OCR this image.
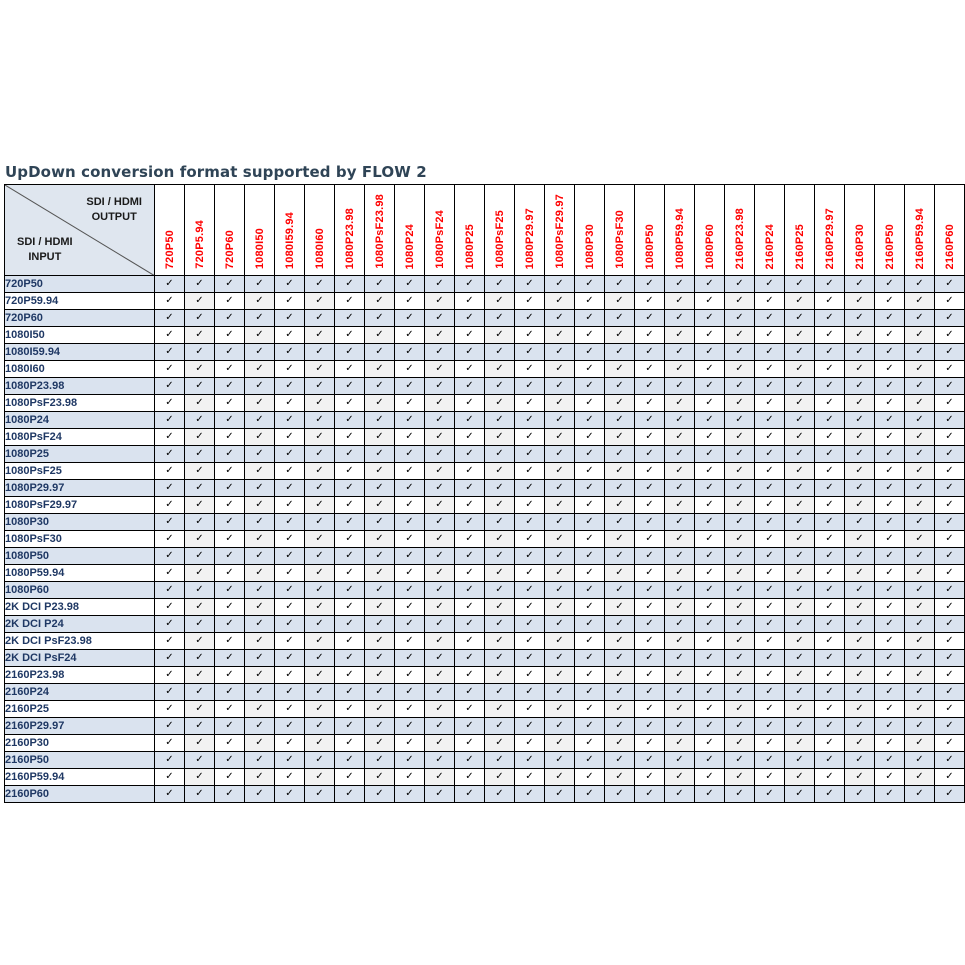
UpDown conversion format supported by FLOW 2
SDI / HDMI
OUTPUT
SDI / HDMI
INPUT	720P50	720P5.94	720P60	1080I50	1080I59.94	1080I60	1080P23.98	1080PsF23.98	1080P24	1080PsF24	1080P25	1080PsF25	1080P29.97	1080PsF29.97	1080P30	1080PsF30	1080P50	1080P59.94	1080P60	2160P23.98	2160P24	2160P25	2160P29.97	2160P30	2160P50	2160P59.94	2160P60

720P50	✓	✓	✓	✓	✓	✓	✓	✓	✓	✓	✓	✓	✓	✓	✓	✓	✓	✓	✓	✓	✓	✓	✓	✓	✓	✓	✓
720P59.94	✓	✓	✓	✓	✓	✓	✓	✓	✓	✓	✓	✓	✓	✓	✓	✓	✓	✓	✓	✓	✓	✓	✓	✓	✓	✓	✓
720P60	✓	✓	✓	✓	✓	✓	✓	✓	✓	✓	✓	✓	✓	✓	✓	✓	✓	✓	✓	✓	✓	✓	✓	✓	✓	✓	✓
1080I50	✓	✓	✓	✓	✓	✓	✓	✓	✓	✓	✓	✓	✓	✓	✓	✓	✓	✓	✓	✓	✓	✓	✓	✓	✓	✓	✓
1080I59.94	✓	✓	✓	✓	✓	✓	✓	✓	✓	✓	✓	✓	✓	✓	✓	✓	✓	✓	✓	✓	✓	✓	✓	✓	✓	✓	✓
1080I60	✓	✓	✓	✓	✓	✓	✓	✓	✓	✓	✓	✓	✓	✓	✓	✓	✓	✓	✓	✓	✓	✓	✓	✓	✓	✓	✓
1080P23.98	✓	✓	✓	✓	✓	✓	✓	✓	✓	✓	✓	✓	✓	✓	✓	✓	✓	✓	✓	✓	✓	✓	✓	✓	✓	✓	✓
1080PsF23.98	✓	✓	✓	✓	✓	✓	✓	✓	✓	✓	✓	✓	✓	✓	✓	✓	✓	✓	✓	✓	✓	✓	✓	✓	✓	✓	✓
1080P24	✓	✓	✓	✓	✓	✓	✓	✓	✓	✓	✓	✓	✓	✓	✓	✓	✓	✓	✓	✓	✓	✓	✓	✓	✓	✓	✓
1080PsF24	✓	✓	✓	✓	✓	✓	✓	✓	✓	✓	✓	✓	✓	✓	✓	✓	✓	✓	✓	✓	✓	✓	✓	✓	✓	✓	✓
1080P25	✓	✓	✓	✓	✓	✓	✓	✓	✓	✓	✓	✓	✓	✓	✓	✓	✓	✓	✓	✓	✓	✓	✓	✓	✓	✓	✓
1080PsF25	✓	✓	✓	✓	✓	✓	✓	✓	✓	✓	✓	✓	✓	✓	✓	✓	✓	✓	✓	✓	✓	✓	✓	✓	✓	✓	✓
1080P29.97	✓	✓	✓	✓	✓	✓	✓	✓	✓	✓	✓	✓	✓	✓	✓	✓	✓	✓	✓	✓	✓	✓	✓	✓	✓	✓	✓
1080PsF29.97	✓	✓	✓	✓	✓	✓	✓	✓	✓	✓	✓	✓	✓	✓	✓	✓	✓	✓	✓	✓	✓	✓	✓	✓	✓	✓	✓
1080P30	✓	✓	✓	✓	✓	✓	✓	✓	✓	✓	✓	✓	✓	✓	✓	✓	✓	✓	✓	✓	✓	✓	✓	✓	✓	✓	✓
1080PsF30	✓	✓	✓	✓	✓	✓	✓	✓	✓	✓	✓	✓	✓	✓	✓	✓	✓	✓	✓	✓	✓	✓	✓	✓	✓	✓	✓
1080P50	✓	✓	✓	✓	✓	✓	✓	✓	✓	✓	✓	✓	✓	✓	✓	✓	✓	✓	✓	✓	✓	✓	✓	✓	✓	✓	✓
1080P59.94	✓	✓	✓	✓	✓	✓	✓	✓	✓	✓	✓	✓	✓	✓	✓	✓	✓	✓	✓	✓	✓	✓	✓	✓	✓	✓	✓
1080P60	✓	✓	✓	✓	✓	✓	✓	✓	✓	✓	✓	✓	✓	✓	✓	✓	✓	✓	✓	✓	✓	✓	✓	✓	✓	✓	✓
2K DCI P23.98	✓	✓	✓	✓	✓	✓	✓	✓	✓	✓	✓	✓	✓	✓	✓	✓	✓	✓	✓	✓	✓	✓	✓	✓	✓	✓	✓
2K DCI P24	✓	✓	✓	✓	✓	✓	✓	✓	✓	✓	✓	✓	✓	✓	✓	✓	✓	✓	✓	✓	✓	✓	✓	✓	✓	✓	✓
2K DCI PsF23.98	✓	✓	✓	✓	✓	✓	✓	✓	✓	✓	✓	✓	✓	✓	✓	✓	✓	✓	✓	✓	✓	✓	✓	✓	✓	✓	✓
2K DCI PsF24	✓	✓	✓	✓	✓	✓	✓	✓	✓	✓	✓	✓	✓	✓	✓	✓	✓	✓	✓	✓	✓	✓	✓	✓	✓	✓	✓
2160P23.98	✓	✓	✓	✓	✓	✓	✓	✓	✓	✓	✓	✓	✓	✓	✓	✓	✓	✓	✓	✓	✓	✓	✓	✓	✓	✓	✓
2160P24	✓	✓	✓	✓	✓	✓	✓	✓	✓	✓	✓	✓	✓	✓	✓	✓	✓	✓	✓	✓	✓	✓	✓	✓	✓	✓	✓
2160P25	✓	✓	✓	✓	✓	✓	✓	✓	✓	✓	✓	✓	✓	✓	✓	✓	✓	✓	✓	✓	✓	✓	✓	✓	✓	✓	✓
2160P29.97	✓	✓	✓	✓	✓	✓	✓	✓	✓	✓	✓	✓	✓	✓	✓	✓	✓	✓	✓	✓	✓	✓	✓	✓	✓	✓	✓
2160P30	✓	✓	✓	✓	✓	✓	✓	✓	✓	✓	✓	✓	✓	✓	✓	✓	✓	✓	✓	✓	✓	✓	✓	✓	✓	✓	✓
2160P50	✓	✓	✓	✓	✓	✓	✓	✓	✓	✓	✓	✓	✓	✓	✓	✓	✓	✓	✓	✓	✓	✓	✓	✓	✓	✓	✓
2160P59.94	✓	✓	✓	✓	✓	✓	✓	✓	✓	✓	✓	✓	✓	✓	✓	✓	✓	✓	✓	✓	✓	✓	✓	✓	✓	✓	✓
2160P60	✓	✓	✓	✓	✓	✓	✓	✓	✓	✓	✓	✓	✓	✓	✓	✓	✓	✓	✓	✓	✓	✓	✓	✓	✓	✓	✓
